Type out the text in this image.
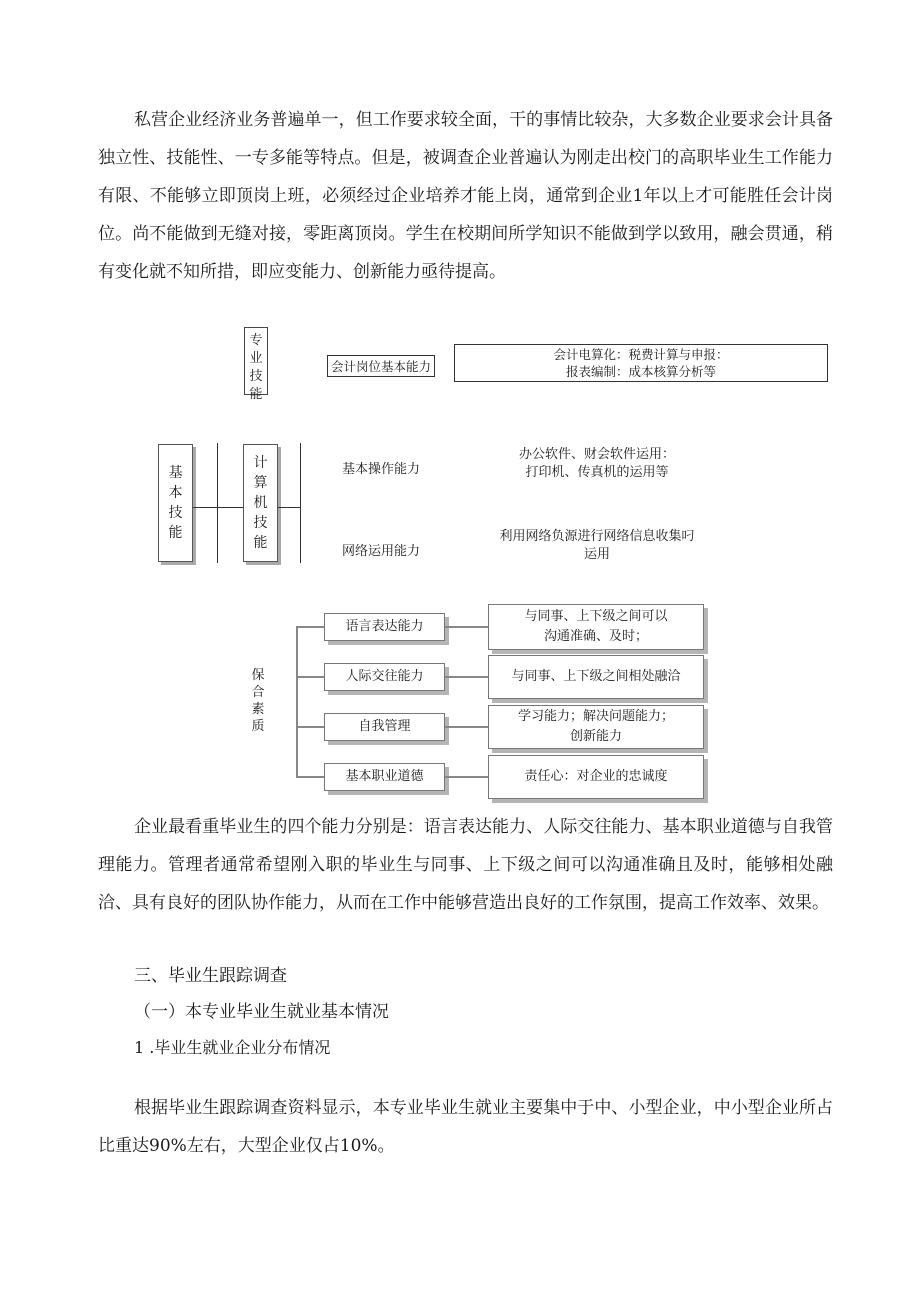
私营企业经济业务普遍单一，但工作要求较全面，干的事情比较杂，大多数企业要求会计具备独立性、技能性、一专多能等特点。但是，被调查企业普遍认为刚走出校门的高职毕业生工作能力有限、不能够立即顶岗上班，必须经过企业培养才能上岗，通常到企业1年以上才可能胜任会计岗位。尚不能做到无缝对接，零距离顶岗。学生在校期间所学知识不能做到学以致用，融会贯通，稍有变化就不知所措，即应变能力、创新能力亟待提高。

专业技能
会计岗位基本能力
会计电算化：税费计算与申报：
报表编制：成本核算分析等
基本技能
计算机技能
基本操作能力
办公软件、财会软件运用：
打印机、传真机的运用等
网络运用能力
利用网络负源进行网络信息收集叼
运用
保合素质
语言表达能力
与同事、上下级之间可以
沟通准确、及时；
人际交往能力	与同事、上下级之间相处融洽
自我管理
学习能力；解决问题能力；
创新能力
基本职业道德	责任心：对企业的忠诚度

企业最看重毕业生的四个能力分别是：语言表达能力、人际交往能力、基本职业道德与自我管理能力。管理者通常希望刚入职的毕业生与同事、上下级之间可以沟通准确且及时，能够相处融洽、具有良好的团队协作能力，从而在工作中能够营造出良好的工作氛围，提高工作效率、效果。

三、毕业生跟踪调查

（一）本专业毕业生就业基本情况

1 .毕业生就业企业分布情况

根据毕业生跟踪调查资料显示，本专业毕业生就业主要集中于中、小型企业，中小型企业所占比重达90%左右，大型企业仅占10%。
